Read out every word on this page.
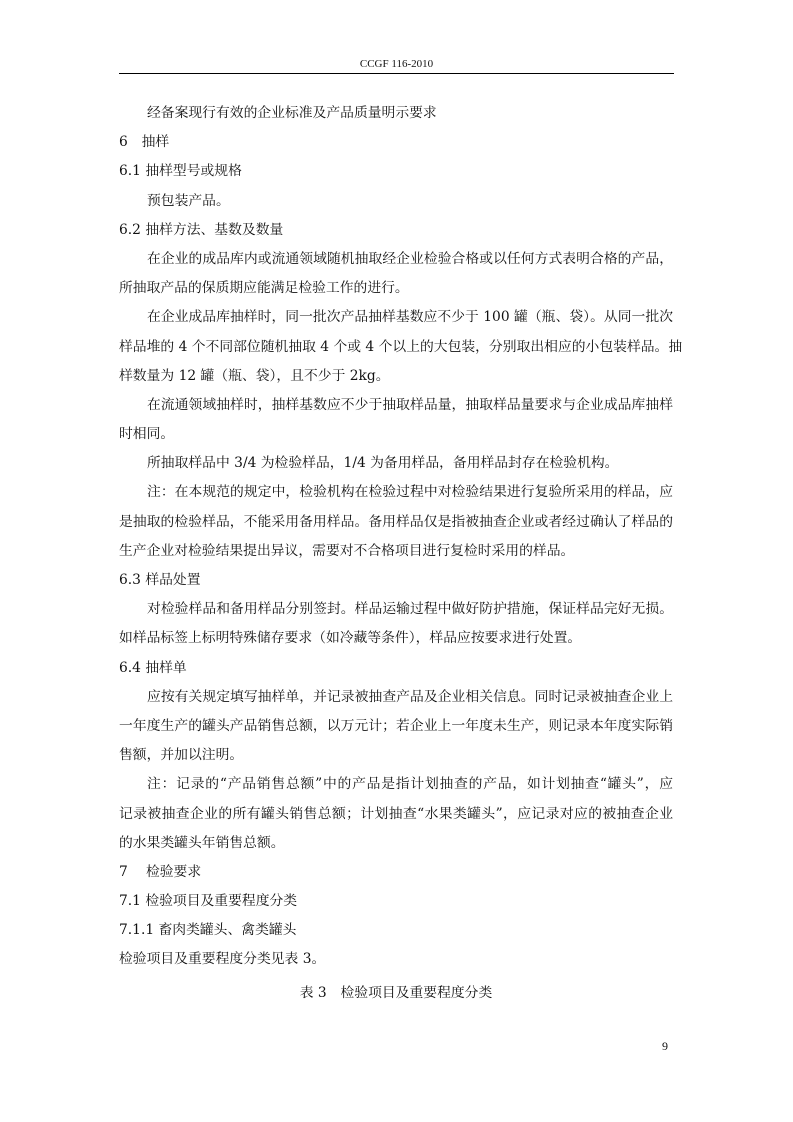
CCGF 116-2010
经备案现行有效的企业标准及产品质量明示要求
6　抽样
6.1 抽样型号或规格
预包装产品。
6.2 抽样方法、基数及数量
在企业的成品库内或流通领域随机抽取经企业检验合格或以任何方式表明合格的产品，
所抽取产品的保质期应能满足检验工作的进行。
在企业成品库抽样时，同一批次产品抽样基数应不少于 100 罐（瓶、袋）。从同一批次
样品堆的 4 个不同部位随机抽取 4 个或 4 个以上的大包装，分别取出相应的小包装样品。抽
样数量为 12 罐（瓶、袋），且不少于 2kg。
在流通领域抽样时，抽样基数应不少于抽取样品量，抽取样品量要求与企业成品库抽样
时相同。
所抽取样品中 3/4 为检验样品，1/4 为备用样品，备用样品封存在检验机构。
注：在本规范的规定中，检验机构在检验过程中对检验结果进行复验所采用的样品，应
是抽取的检验样品，不能采用备用样品。备用样品仅是指被抽查企业或者经过确认了样品的
生产企业对检验结果提出异议，需要对不合格项目进行复检时采用的样品。
6.3 样品处置
对检验样品和备用样品分别签封。样品运输过程中做好防护措施，保证样品完好无损。
如样品标签上标明特殊储存要求（如冷藏等条件），样品应按要求进行处置。
6.4 抽样单
应按有关规定填写抽样单，并记录被抽查产品及企业相关信息。同时记录被抽查企业上
一年度生产的罐头产品销售总额，以万元计；若企业上一年度未生产，则记录本年度实际销
售额，并加以注明。
注：记录的“产品销售总额”中的产品是指计划抽查的产品，如计划抽查“罐头”，应
记录被抽查企业的所有罐头销售总额；计划抽查“水果类罐头”，应记录对应的被抽查企业
的水果类罐头年销售总额。
7　 检验要求
7.1 检验项目及重要程度分类
7.1.1 畜肉类罐头、禽类罐头
检验项目及重要程度分类见表 3。
表 3　检验项目及重要程度分类
9
